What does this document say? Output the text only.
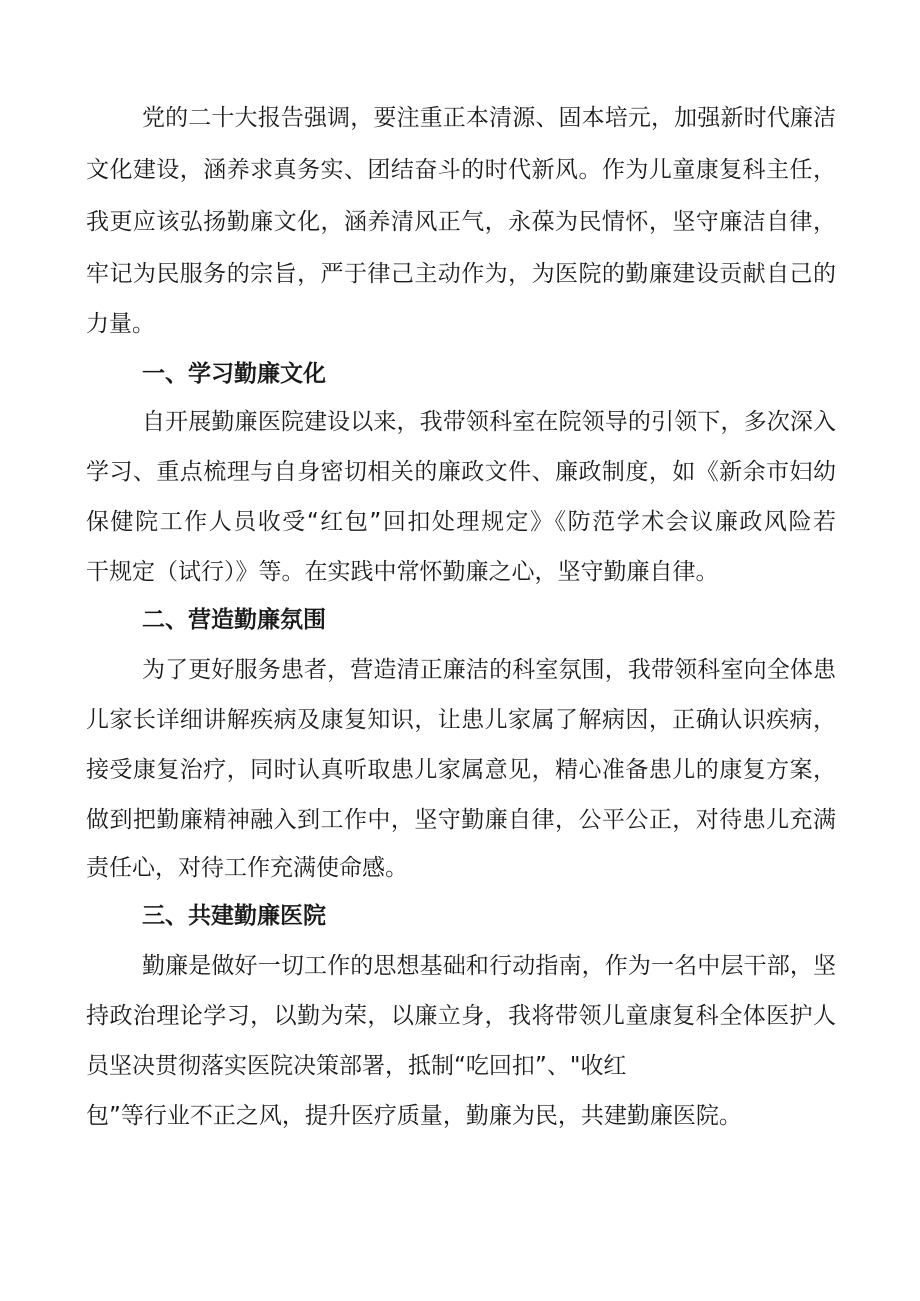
党的二十大报告强调，要注重正本清源、固本培元，加强新时代廉洁
文化建设，涵养求真务实、团结奋斗的时代新风。作为儿童康复科主任，
我更应该弘扬勤廉文化，涵养清风正气，永葆为民情怀，坚守廉洁自律，
牢记为民服务的宗旨，严于律己主动作为，为医院的勤廉建设贡献自己的
力量。
一、学习勤廉文化
自开展勤廉医院建设以来，我带领科室在院领导的引领下，多次深入
学习、重点梳理与自身密切相关的廉政文件、廉政制度，如《新余市妇幼
保健院工作人员收受“红包”回扣处理规定》《防范学术会议廉政风险若
干规定（试行）》等。在实践中常怀勤廉之心，坚守勤廉自律。
二、营造勤廉氛围
为了更好服务患者，营造清正廉洁的科室氛围，我带领科室向全体患
儿家长详细讲解疾病及康复知识，让患儿家属了解病因，正确认识疾病，
接受康复治疗，同时认真听取患儿家属意见，精心准备患儿的康复方案，
做到把勤廉精神融入到工作中，坚守勤廉自律，公平公正，对待患儿充满
责任心，对待工作充满使命感。
三、共建勤廉医院
勤廉是做好一切工作的思想基础和行动指南，作为一名中层干部，坚
持政治理论学习，以勤为荣，以廉立身，我将带领儿童康复科全体医护人
员坚决贯彻落实医院决策部署，抵制“吃回扣”、"收红
包”等行业不正之风，提升医疗质量，勤廉为民，共建勤廉医院。
